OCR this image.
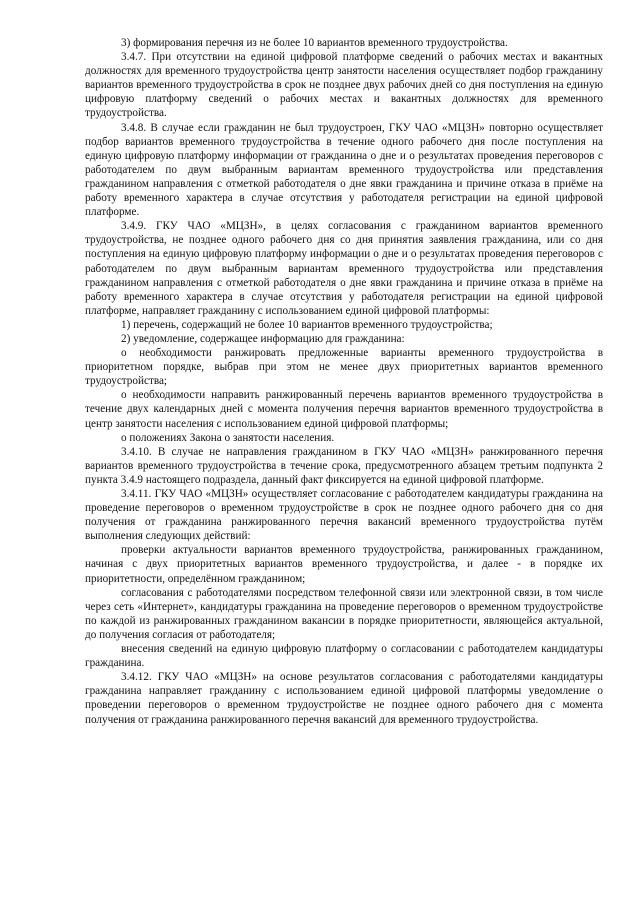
3) формирования перечня из не более 10 вариантов временного трудоустройства.

3.4.7. При отсутствии на единой цифровой платформе сведений о рабочих местах и вакантных должностях для временного трудоустройства центр занятости населения осуществляет подбор гражданину вариантов временного трудоустройства в срок не позднее двух рабочих дней со дня поступления на единую цифровую платформу сведений о рабочих местах и вакантных должностях для временного трудоустройства.

3.4.8. В случае если гражданин не был трудоустроен, ГКУ ЧАО «МЦЗН» повторно осуществляет подбор вариантов временного трудоустройства в течение одного рабочего дня после поступления на единую цифровую платформу информации от гражданина о дне и о результатах проведения переговоров с работодателем по двум выбранным вариантам временного трудоустройства или представления гражданином направления с отметкой работодателя о дне явки гражданина и причине отказа в приёме на работу временного характера в случае отсутствия у работодателя регистрации на единой цифровой платформе.

3.4.9. ГКУ ЧАО «МЦЗН», в целях согласования с гражданином вариантов временного трудоустройства, не позднее одного рабочего дня со дня принятия заявления гражданина, или со дня поступления на единую цифровую платформу информации о дне и о результатах проведения переговоров с работодателем по двум выбранным вариантам временного трудоустройства или представления гражданином направления с отметкой работодателя о дне явки гражданина и причине отказа в приёме на работу временного характера в случае отсутствия у работодателя регистрации на единой цифровой платформе, направляет гражданину с использованием единой цифровой платформы:

1) перечень, содержащий не более 10 вариантов временного трудоустройства;

2) уведомление, содержащее информацию для гражданина:

о необходимости ранжировать предложенные варианты временного трудоустройства в приоритетном порядке, выбрав при этом не менее двух приоритетных вариантов временного трудоустройства;

о необходимости направить ранжированный перечень вариантов временного трудоустройства в течение двух календарных дней с момента получения перечня вариантов временного трудоустройства в центр занятости населения с использованием единой цифровой платформы;

о положениях Закона о занятости населения.

3.4.10. В случае не направления гражданином в ГКУ ЧАО «МЦЗН» ранжированного перечня вариантов временного трудоустройства в течение срока, предусмотренного абзацем третьим подпункта 2 пункта 3.4.9 настоящего подраздела, данный факт фиксируется на единой цифровой платформе.

3.4.11. ГКУ ЧАО «МЦЗН» осуществляет согласование с работодателем кандидатуры гражданина на проведение переговоров о временном трудоустройстве в срок не позднее одного рабочего дня со дня получения от гражданина ранжированного перечня вакансий временного трудоустройства путём выполнения следующих действий:

проверки актуальности вариантов временного трудоустройства, ранжированных гражданином, начиная с двух приоритетных вариантов временного трудоустройства, и далее - в порядке их приоритетности, определённом гражданином;

согласования с работодателями посредством телефонной связи или электронной связи, в том числе через сеть «Интернет», кандидатуры гражданина на проведение переговоров о временном трудоустройстве по каждой из ранжированных гражданином вакансии в порядке приоритетности, являющейся актуальной, до получения согласия от работодателя;

внесения сведений на единую цифровую платформу о согласовании с работодателем кандидатуры гражданина.

3.4.12. ГКУ ЧАО «МЦЗН» на основе результатов согласования с работодателями кандидатуры гражданина направляет гражданину с использованием единой цифровой платформы уведомление о проведении переговоров о временном трудоустройстве не позднее одного рабочего дня с момента получения от гражданина ранжированного перечня вакансий для временного трудоустройства.
